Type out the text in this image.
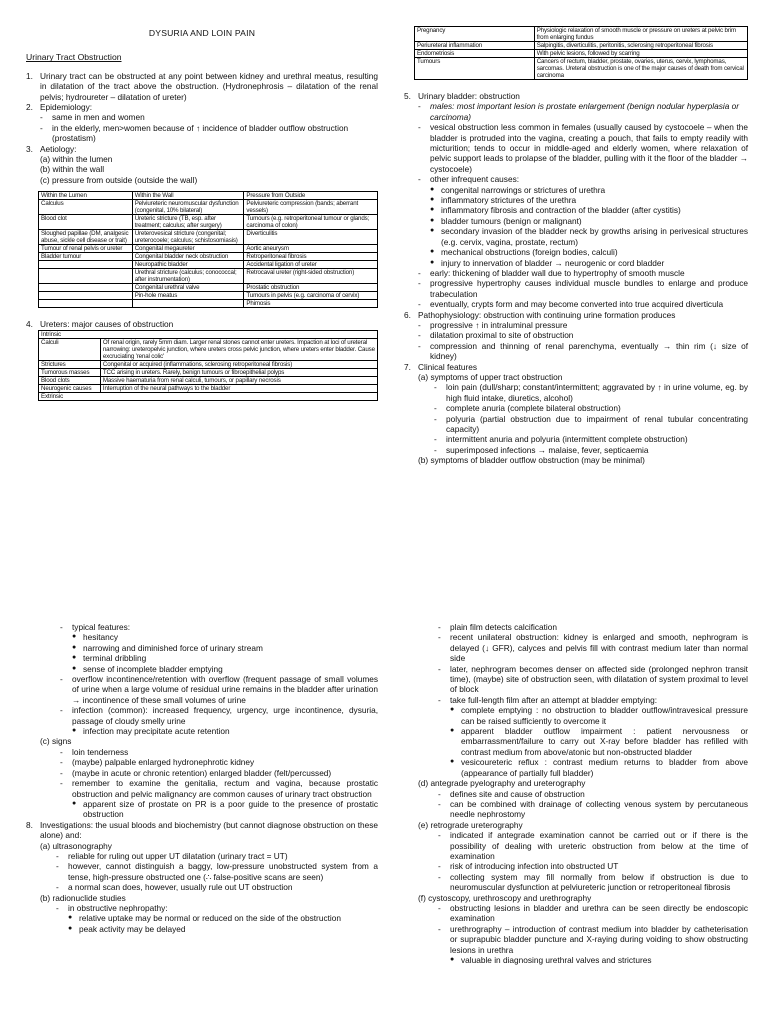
DYSURIA AND LOIN PAIN
Urinary Tract Obstruction
1. Urinary tract can be obstructed at any point between kidney and urethral meatus, resulting in dilatation of the tract above the obstruction. (Hydronephrosis – dilatation of the renal pelvis; hydroureter – dilatation of ureter)
2. Epidemiology:
-	same in men and women
-	in the elderly, men>women because of ↑ incidence of bladder outflow obstruction (prostatism)
3. Aetiology:
(a) within the lumen
(b) within the wall
(c) pressure from outside (outside the wall)
Within the Lumen	Within the Wall	Pressure from Outside
Calculus	Pelviureteric neuromuscular dysfunction (congenital, 10% bilateral)	Pelviureteric compression (bands; aberrant vessels)
Blood clot	Ureteric stricture (TB, esp. after treatment; calculus; after surgery)	Tumours (e.g. retroperitoneal tumour or glands; carcinoma of colon)
Sloughed papillae (DM, analgesic abuse, sickle cell disease or trait)	Ureterovesical stricture (congenital; ureterocoele; calculus; schistosomiasis)	Diverticulitis
Tumour of renal pelvis or ureter	Congenital megaureter	Aortic aneurysm
Bladder tumour	Congenital bladder neck obstruction	Retroperitoneal fibrosis
	Neuropathic bladder	Accidental ligation of ureter
	Urethral stricture (calculus; conococcal; after instrumentation)	Retrocaval ureter (right-sided obstruction)
	Congenital urethral valve	Prostatic obstruction
	Pin-hole meatus	Tumours in pelvis (e.g. carcinoma of cervix)
		Phimosis
4. Ureters: major causes of obstruction
Intrinsic	
Calculi	Of renal origin, rarely 5mm diam. Larger renal stones cannot enter ureters. Impaction at loci of ureteral narrowing: ureteropelvic junction, where ureters cross pelvic junction, where ureters enter bladder. Cause excruciating 'renal colic'
Strictures	Congenital or acquired (inflammations, sclerosing retroperitoneal fibrosis)
Tumorous masses	TCC arising in ureters. Rarely, benign tumours or fibroepithelial polyps
Blood clots	Massive haematuria from renal calculi, tumours, or papillary necrosis
Neurogenic causes	Interruption of the neural pathways to the bladder
Extrinsic	
Pregnancy	Physiologic relaxation of smooth muscle or pressure on ureters at pelvic brim from enlarging fundus
Periureteral inflammation	Salpingitis, diverticulitis, peritonitis, sclerosing retroperitoneal fibrosis
Endometriosis	With pelvic lesions, followed by scarring
Tumours	Cancers of rectum, bladder, prostate, ovaries, uterus, cervix, lymphomas, sarcomas. Ureteral obstruction is one of the major causes of death from cervical carcinoma
5. Urinary bladder: obstruction
-	males: most important lesion is prostate enlargement (benign nodular hyperplasia or carcinoma)
-	vesical obstruction less common in females (usually caused by cystocoele – when the bladder is protruded into the vagina, creating a pouch, that fails to empty readily with micturition; tends to occur in middle-aged and elderly women, where relaxation of pelvic support leads to prolapse of the bladder, pulling with it the floor of the bladder → cystocoele)
-	other infrequent causes:
● congenital narrowings or strictures of urethra
● inflammatory strictures of the urethra
● inflammatory fibrosis and contraction of the bladder (after cystitis)
● bladder tumours (benign or malignant)
● secondary invasion of the bladder neck by growths arising in perivesical structures (e.g. cervix, vagina, prostate, rectum)
● mechanical obstructions (foreign bodies, calculi)
● injury to innervation of bladder → neurogenic or cord bladder
-	early: thickening of bladder wall due to hypertrophy of smooth muscle
-	progressive hypertrophy causes individual muscle bundles to enlarge and produce trabeculation
-	eventually, crypts form and may become converted into true acquired diverticula
6. Pathophysiology: obstruction with continuing urine formation produces
-	progressive ↑ in intraluminal pressure
-	dilatation proximal to site of obstruction
-	compression and thinning of renal parenchyma, eventually → thin rim (↓ size of kidney)
7. Clinical features
(a) symptoms of upper tract obstruction
-	loin pain (dull/sharp; constant/intermittent; aggravated by ↑ in urine volume, eg. by high fluid intake, diuretics, alcohol)
-	complete anuria (complete bilateral obstruction)
-	polyuria (partial obstruction due to impairment of renal tubular concentrating capacity)
-	intermittent anuria and polyuria (intermittent complete obstruction)
-	superimposed infections → malaise, fever, septicaemia
(b) symptoms of bladder outflow obstruction (may be minimal)
-	typical features:
● hesitancy
● narrowing and diminished force of urinary stream
● terminal dribbling
● sense of incomplete bladder emptying
-	overflow incontinence/retention with overflow (frequent passage of small volumes of urine when a large volume of residual urine remains in the bladder after urination → incontinence of these small volumes of urine
-	infection (common): increased frequency, urgency, urge incontinence, dysuria, passage of cloudy smelly urine
● infection may precipitate acute retention
(c) signs
-	loin tenderness
-	(maybe) palpable enlarged hydronephrotic kidney
-	(maybe in acute or chronic retention) enlarged bladder (felt/percussed)
-	remember to examine the genitalia, rectum and vagina, because prostatic obstruction and pelvic malignancy are common causes of urinary tract obstruction
● apparent size of prostate on PR is a poor guide to the presence of prostatic obstruction
8. Investigations: the usual bloods and biochemistry (but cannot diagnose obstruction on these alone) and:
(a) ultrasonography
-	reliable for ruling out upper UT dilatation (urinary tract = UT)
-	however, cannot distinguish a baggy, low-pressure unobstructed system from a tense, high-pressure obstructed one (∴ false-positive scans are seen)
-	a normal scan does, however, usually rule out UT obstruction
(b) radionuclide studies
-	in obstructive nephropathy:
● relative uptake may be normal or reduced on the side of the obstruction
● peak activity may be delayed
-	plain film detects calcification
-	recent unilateral obstruction: kidney is enlarged and smooth, nephrogram is delayed (↓ GFR), calyces and pelvis fill with contrast medium later than normal side
-	later, nephrogram becomes denser on affected side (prolonged nephron transit time), (maybe) site of obstruction seen, with dilatation of system proximal to level of block
-	take full-length film after an attempt at bladder emptying:
● complete emptying : no obstruction to bladder outflow/intravesical pressure can be raised sufficiently to overcome it
● apparent bladder outflow impairment : patient nervousness or embarrassment/failure to carry out X-ray before bladder has refilled with contrast medium from above/atonic but non-obstructed bladder
● vesicoureteric reflux : contrast medium returns to bladder from above (appearance of partially full bladder)
(d) antegrade pyelography and ureterography
-	defines site and cause of obstruction
-	can be combined with drainage of collecting venous system by percutaneous needle nephrostomy
(e) retrograde ureterography
-	indicated if antegrade examination cannot be carried out or if there is the possibility of dealing with ureteric obstruction from below at the time of examination
-	risk of introducing infection into obstructed UT
-	collecting system may fill normally from below if obstruction is due to neuromuscular dysfunction at pelviureteric junction or retroperitoneal fibrosis
(f) cystoscopy, urethroscopy and urethrography
-	obstructing lesions in bladder and urethra can be seen directly be endoscopic examination
-	urethrography – introduction of contrast medium into bladder by catheterisation or suprapubic bladder puncture and X-raying during voiding to show obstructing lesions in urethra
● valuable in diagnosing urethral valves and strictures
